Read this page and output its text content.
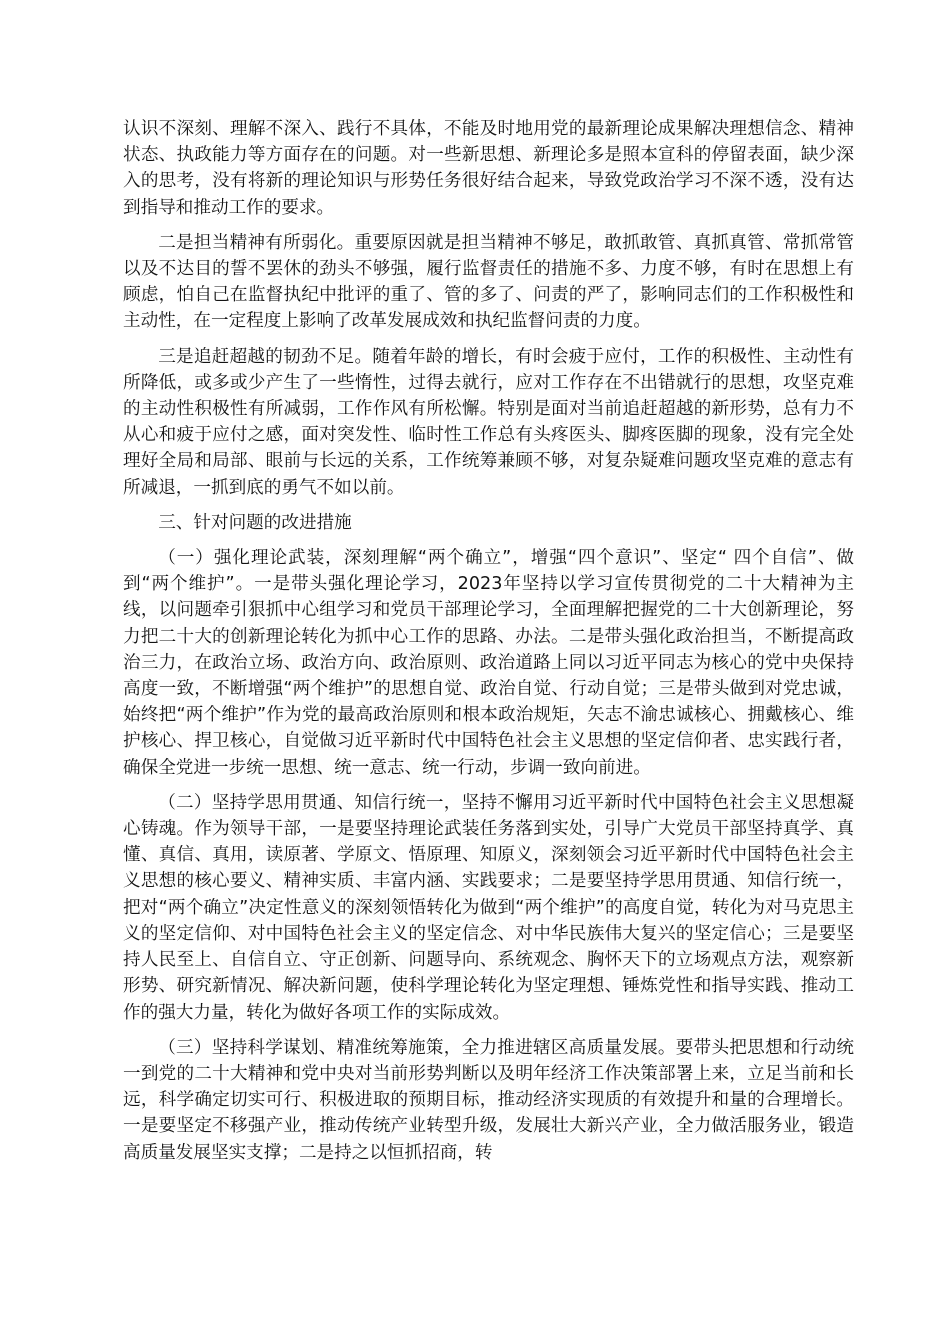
认识不深刻、理解不深入、践行不具体，不能及时地用党的最新理论成果解决理想信念、精神状态、执政能力等方面存在的问题。对一些新思想、新理论多是照本宣科的停留表面，缺少深入的思考，没有将新的理论知识与形势任务很好结合起来，导致党政治学习不深不透，没有达到指导和推动工作的要求。

二是担当精神有所弱化。重要原因就是担当精神不够足，敢抓敢管、真抓真管、常抓常管以及不达目的誓不罢休的劲头不够强，履行监督责任的措施不多、力度不够，有时在思想上有顾虑，怕自己在监督执纪中批评的重了、管的多了、问责的严了，影响同志们的工作积极性和主动性，在一定程度上影响了改革发展成效和执纪监督问责的力度。

三是追赶超越的韧劲不足。随着年龄的增长，有时会疲于应付，工作的积极性、主动性有所降低，或多或少产生了一些惰性，过得去就行，应对工作存在不出错就行的思想，攻坚克难的主动性积极性有所减弱，工作作风有所松懈。特别是面对当前追赶超越的新形势，总有力不从心和疲于应付之感，面对突发性、临时性工作总有头疼医头、脚疼医脚的现象，没有完全处理好全局和局部、眼前与长远的关系，工作统筹兼顾不够，对复杂疑难问题攻坚克难的意志有所减退，一抓到底的勇气不如以前。

三、针对问题的改进措施

（一）强化理论武装，深刻理解“两个确立”，增强“四个意识”、坚定“ 四个自信”、做到“两个维护”。一是带头强化理论学习，2023年坚持以学习宣传贯彻党的二十大精神为主线，以问题牵引狠抓中心组学习和党员干部理论学习，全面理解把握党的二十大创新理论，努力把二十大的创新理论转化为抓中心工作的思路、办法。二是带头强化政治担当，不断提高政治三力，在政治立场、政治方向、政治原则、政治道路上同以习近平同志为核心的党中央保持高度一致，不断增强“两个维护”的思想自觉、政治自觉、行动自觉；三是带头做到对党忠诚，始终把“两个维护”作为党的最高政治原则和根本政治规矩，矢志不渝忠诚核心、拥戴核心、维护核心、捍卫核心，自觉做习近平新时代中国特色社会主义思想的坚定信仰者、忠实践行者，确保全党进一步统一思想、统一意志、统一行动，步调一致向前进。

（二）坚持学思用贯通、知信行统一，坚持不懈用习近平新时代中国特色社会主义思想凝心铸魂。作为领导干部，一是要坚持理论武装任务落到实处，引导广大党员干部坚持真学、真懂、真信、真用，读原著、学原文、悟原理、知原义，深刻领会习近平新时代中国特色社会主义思想的核心要义、精神实质、丰富内涵、实践要求；二是要坚持学思用贯通、知信行统一，把对“两个确立”决定性意义的深刻领悟转化为做到“两个维护”的高度自觉，转化为对马克思主义的坚定信仰、对中国特色社会主义的坚定信念、对中华民族伟大复兴的坚定信心；三是要坚持人民至上、自信自立、守正创新、问题导向、系统观念、胸怀天下的立场观点方法，观察新形势、研究新情况、解决新问题，使科学理论转化为坚定理想、锤炼党性和指导实践、推动工作的强大力量，转化为做好各项工作的实际成效。

（三）坚持科学谋划、精准统筹施策，全力推进辖区高质量发展。要带头把思想和行动统一到党的二十大精神和党中央对当前形势判断以及明年经济工作决策部署上来，立足当前和长远，科学确定切实可行、积极进取的预期目标，推动经济实现质的有效提升和量的合理增长。一是要坚定不移强产业，推动传统产业转型升级，发展壮大新兴产业，全力做活服务业，锻造高质量发展坚实支撑；二是持之以恒抓招商，转
